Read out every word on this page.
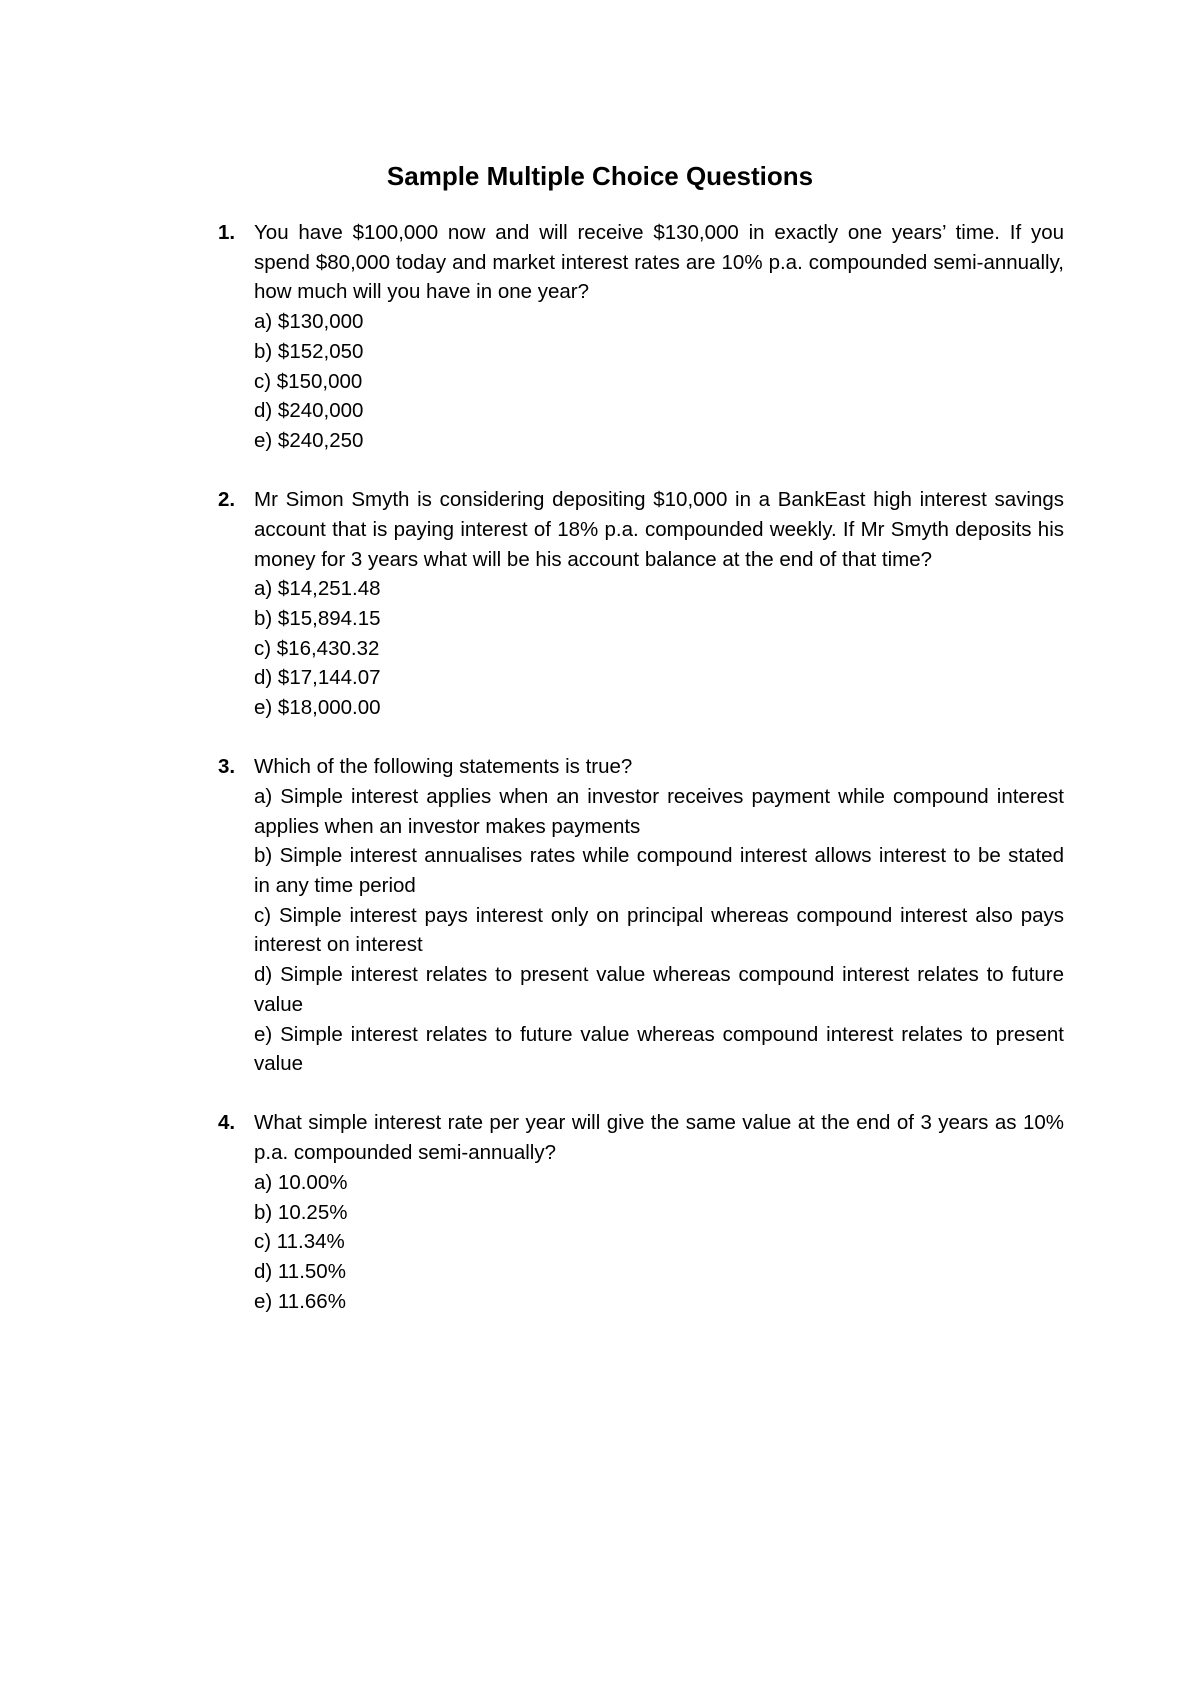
Sample Multiple Choice Questions
1. You have $100,000 now and will receive $130,000 in exactly one years’ time. If you spend $80,000 today and market interest rates are 10% p.a. compounded semi-annually, how much will you have in one year?
a) $130,000
b) $152,050
c) $150,000
d) $240,000
e) $240,250
2. Mr Simon Smyth is considering depositing $10,000 in a BankEast high interest savings account that is paying interest of 18% p.a. compounded weekly. If Mr Smyth deposits his money for 3 years what will be his account balance at the end of that time?
a) $14,251.48
b) $15,894.15
c) $16,430.32
d) $17,144.07
e) $18,000.00
3. Which of the following statements is true?
a) Simple interest applies when an investor receives payment while compound interest applies when an investor makes payments
b) Simple interest annualises rates while compound interest allows interest to be stated in any time period
c) Simple interest pays interest only on principal whereas compound interest also pays interest on interest
d) Simple interest relates to present value whereas compound interest relates to future value
e) Simple interest relates to future value whereas compound interest relates to present value
4. What simple interest rate per year will give the same value at the end of 3 years as 10% p.a. compounded semi-annually?
a) 10.00%
b) 10.25%
c) 11.34%
d) 11.50%
e) 11.66%
